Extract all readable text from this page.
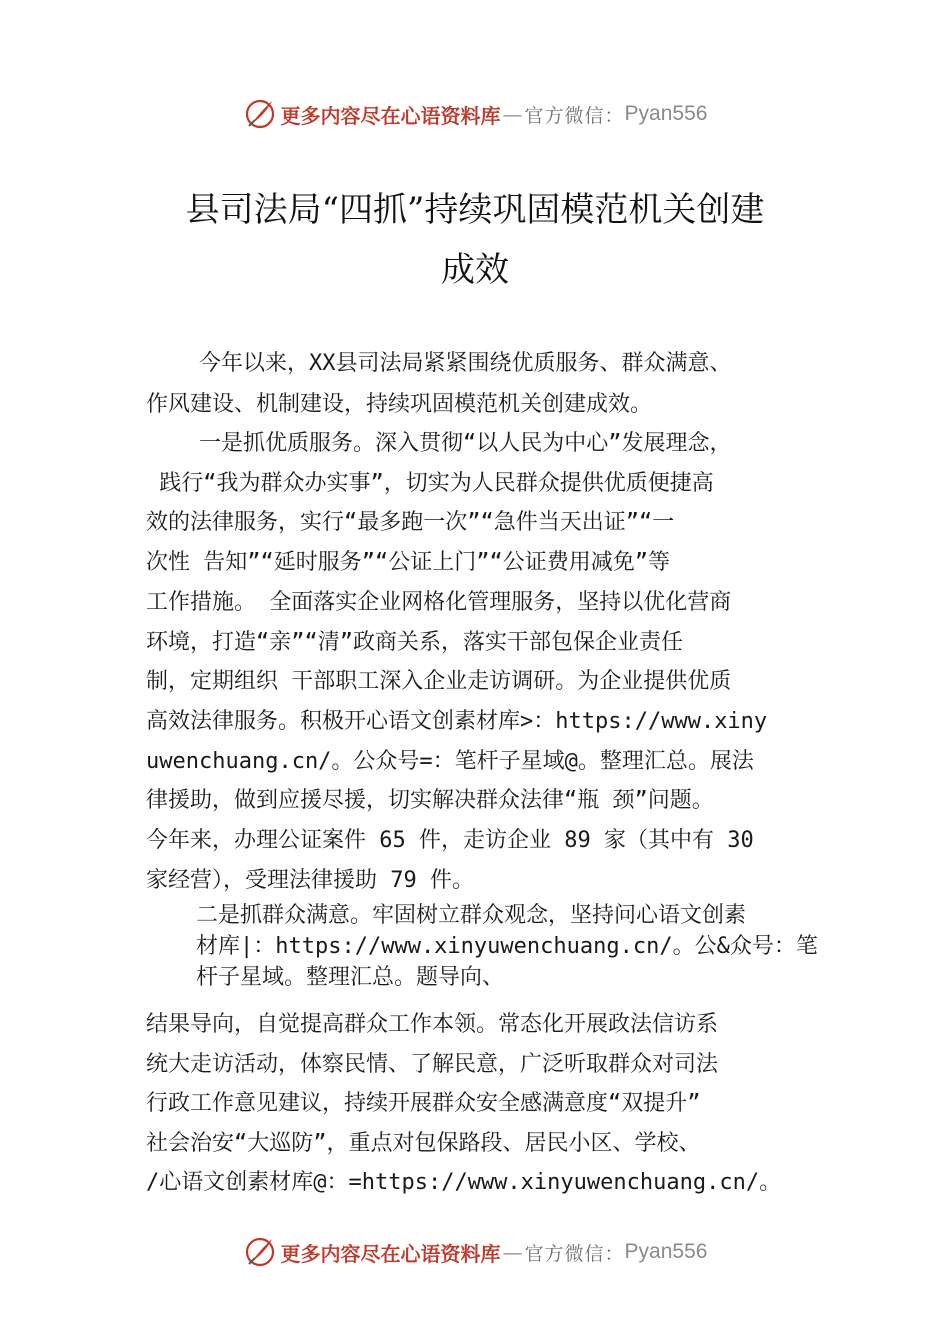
更多内容尽在心语资料库 — 官方微信： Pyan556
县司法局“四抓”持续巩固模范机关创建
成效
今年以来，XX县司法局紧紧围绕优质服务、群众满意、
作风建设、机制建设，持续巩固模范机关创建成效。
一是抓优质服务。深入贯彻“以人民为中心”发展理念，
践行“我为群众办实事”，切实为人民群众提供优质便捷高
效的法律服务，实行“最多跑一次”“急件当天出证”“一
次性 告知”“延时服务”“公证上门”“公证费用减免”等
工作措施。 全面落实企业网格化管理服务，坚持以优化营商
环境，打造“亲”“清”政商关系，落实干部包保企业责任
制，定期组织 干部职工深入企业走访调研。为企业提供优质
高效法律服务。积极开心语文创素材库>：https://www.xiny
uwenchuang.cn/。公众号=：笔杆子星域@。整理汇总。展法
律援助，做到应援尽援，切实解决群众法律“瓶 颈”问题。
今年来，办理公证案件 65 件，走访企业 89 家（其中有 30
家经营），受理法律援助 79 件。
二是抓群众满意。牢固树立群众观念，坚持问心语文创素
材库|：https://www.xinyuwenchuang.cn/。公&众号：笔
杆子星域。整理汇总。题导向、
结果导向，自觉提高群众工作本领。常态化开展政法信访系
统大走访活动，体察民情、了解民意，广泛听取群众对司法
行政工作意见建议，持续开展群众安全感满意度“双提升”
社会治安“大巡防”，重点对包保路段、居民小区、学校、
/心语文创素材库@：=https://www.xinyuwenchuang.cn/。
更多内容尽在心语资料库 — 官方微信： Pyan556
